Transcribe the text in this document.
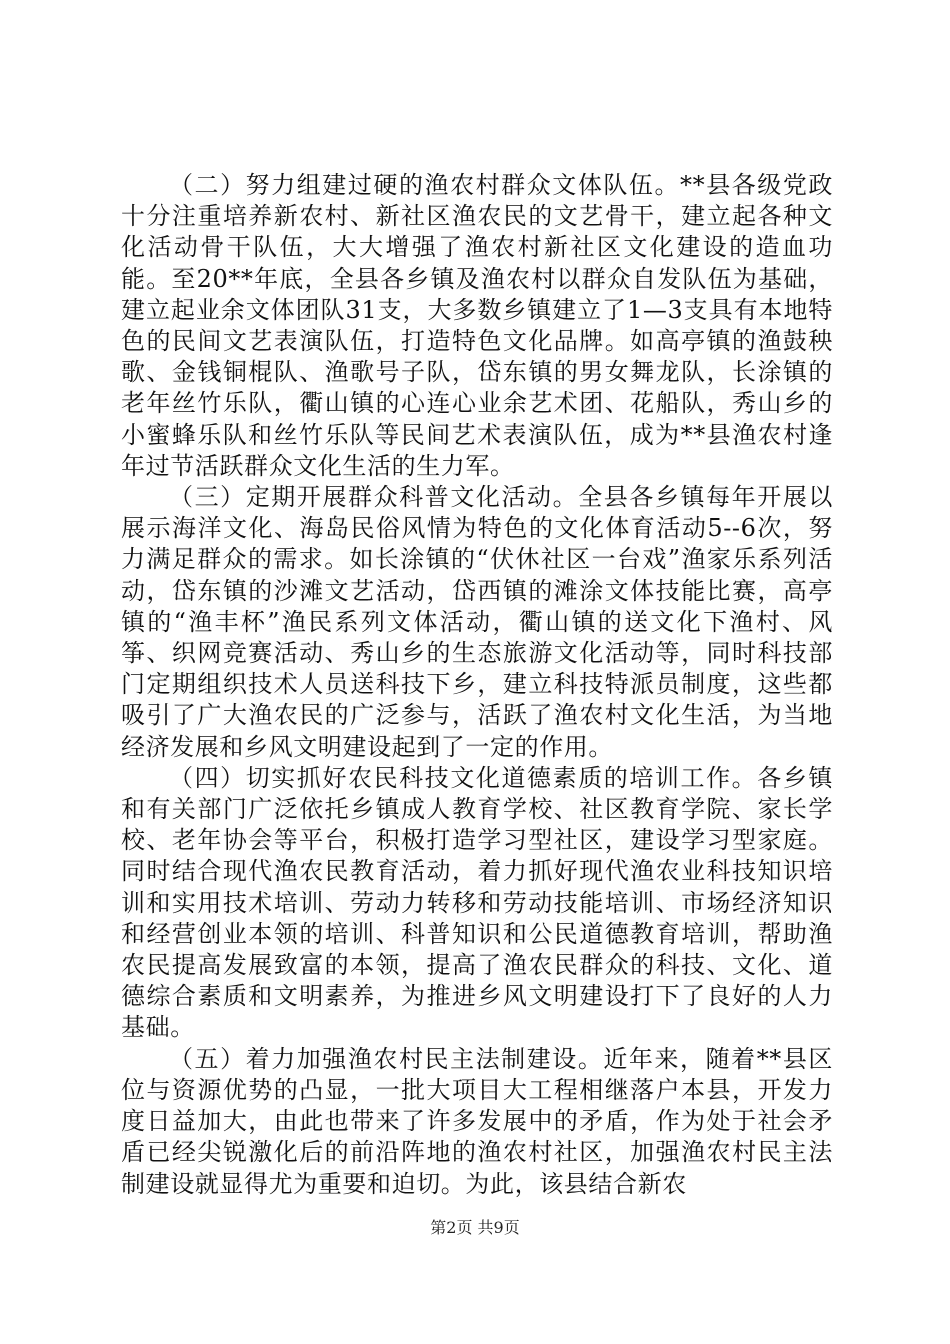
（二）努力组建过硬的渔农村群众文体队伍。**县各级党政十分注重培养新农村、新社区渔农民的文艺骨干，建立起各种文化活动骨干队伍，大大增强了渔农村新社区文化建设的造血功能。至20**年底，全县各乡镇及渔农村以群众自发队伍为基础，建立起业余文体团队31支，大多数乡镇建立了1—3支具有本地特色的民间文艺表演队伍，打造特色文化品牌。如高亭镇的渔鼓秧歌、金钱铜棍队、渔歌号子队，岱东镇的男女舞龙队，长涂镇的老年丝竹乐队，衢山镇的心连心业余艺术团、花船队，秀山乡的小蜜蜂乐队和丝竹乐队等民间艺术表演队伍，成为**县渔农村逢年过节活跃群众文化生活的生力军。

（三）定期开展群众科普文化活动。全县各乡镇每年开展以展示海洋文化、海岛民俗风情为特色的文化体育活动5--6次，努力满足群众的需求。如长涂镇的“伏休社区一台戏”渔家乐系列活动，岱东镇的沙滩文艺活动，岱西镇的滩涂文体技能比赛，高亭镇的“渔丰杯”渔民系列文体活动，衢山镇的送文化下渔村、风筝、织网竞赛活动、秀山乡的生态旅游文化活动等，同时科技部门定期组织技术人员送科技下乡，建立科技特派员制度，这些都吸引了广大渔农民的广泛参与，活跃了渔农村文化生活，为当地经济发展和乡风文明建设起到了一定的作用。

（四）切实抓好农民科技文化道德素质的培训工作。各乡镇和有关部门广泛依托乡镇成人教育学校、社区教育学院、家长学校、老年协会等平台，积极打造学习型社区，建设学习型家庭。同时结合现代渔农民教育活动，着力抓好现代渔农业科技知识培训和实用技术培训、劳动力转移和劳动技能培训、市场经济知识和经营创业本领的培训、科普知识和公民道德教育培训，帮助渔农民提高发展致富的本领，提高了渔农民群众的科技、文化、道德综合素质和文明素养，为推进乡风文明建设打下了良好的人力基础。

（五）着力加强渔农村民主法制建设。近年来，随着**县区位与资源优势的凸显，一批大项目大工程相继落户本县，开发力度日益加大，由此也带来了许多发展中的矛盾，作为处于社会矛盾已经尖锐激化后的前沿阵地的渔农村社区，加强渔农村民主法制建设就显得尤为重要和迫切。为此，该县结合新农

第2页 共9页
